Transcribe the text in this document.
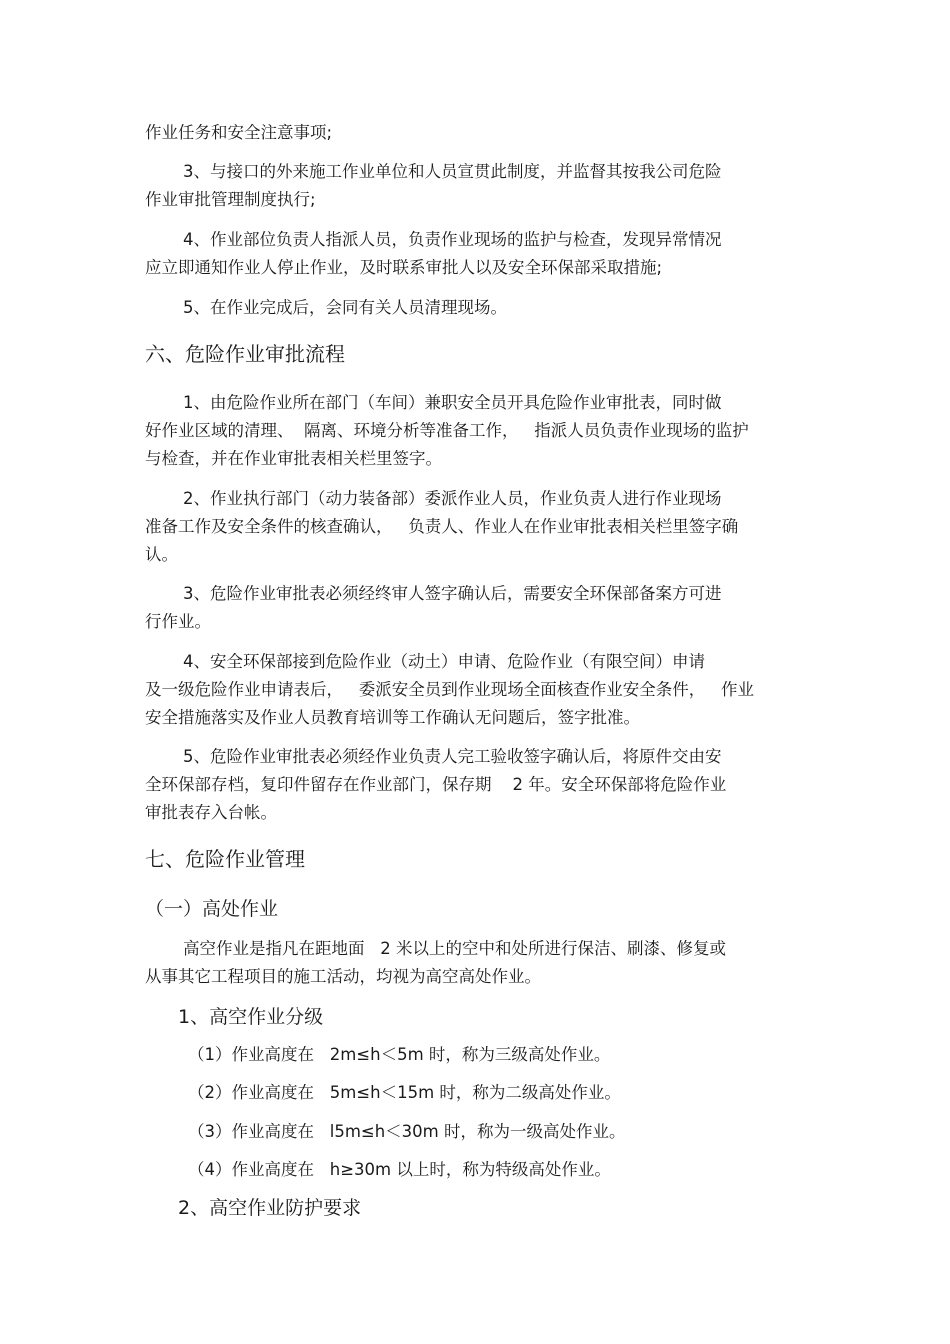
作业任务和安全注意事项;
3、与接口的外来施工作业单位和人员宣贯此制度，并监督其按我公司危险
作业审批管理制度执行;
4、作业部位负责人指派人员，负责作业现场的监护与检查，发现异常情况
应立即通知作业人停止作业，及时联系审批人以及安全环保部采取措施;
5、在作业完成后，会同有关人员清理现场。
六、危险作业审批流程
1、由危险作业所在部门（车间）兼职安全员开具危险作业审批表，同时做
好作业区域的清理、  隔离、环境分析等准备工作，   指派人员负责作业现场的监护
与检查，并在作业审批表相关栏里签字。
2、作业执行部门（动力装备部）委派作业人员，作业负责人进行作业现场
准备工作及安全条件的核查确认，   负责人、作业人在作业审批表相关栏里签字确
认。
3、危险作业审批表必须经终审人签字确认后，需要安全环保部备案方可进
行作业。
4、安全环保部接到危险作业（动土）申请、危险作业（有限空间）申请
及一级危险作业申请表后，   委派安全员到作业现场全面核查作业安全条件，   作业
安全措施落实及作业人员教育培训等工作确认无问题后，签字批准。
5、危险作业审批表必须经作业负责人完工验收签字确认后，将原件交由安
全环保部存档，复印件留存在作业部门，保存期    2 年。安全环保部将危险作业
审批表存入台帐。
七、危险作业管理
（一）高处作业
高空作业是指凡在距地面   2 米以上的空中和处所进行保洁、刷漆、修复或
从事其它工程项目的施工活动，均视为高空高处作业。
1、高空作业分级
（1）作业高度在   2m≤h＜5m 时，称为三级高处作业。
（2）作业高度在   5m≤h＜15m 时，称为二级高处作业。
（3）作业高度在   l5m≤h＜30m 时，称为一级高处作业。
（4）作业高度在   h≥30m 以上时，称为特级高处作业。
2、高空作业防护要求
